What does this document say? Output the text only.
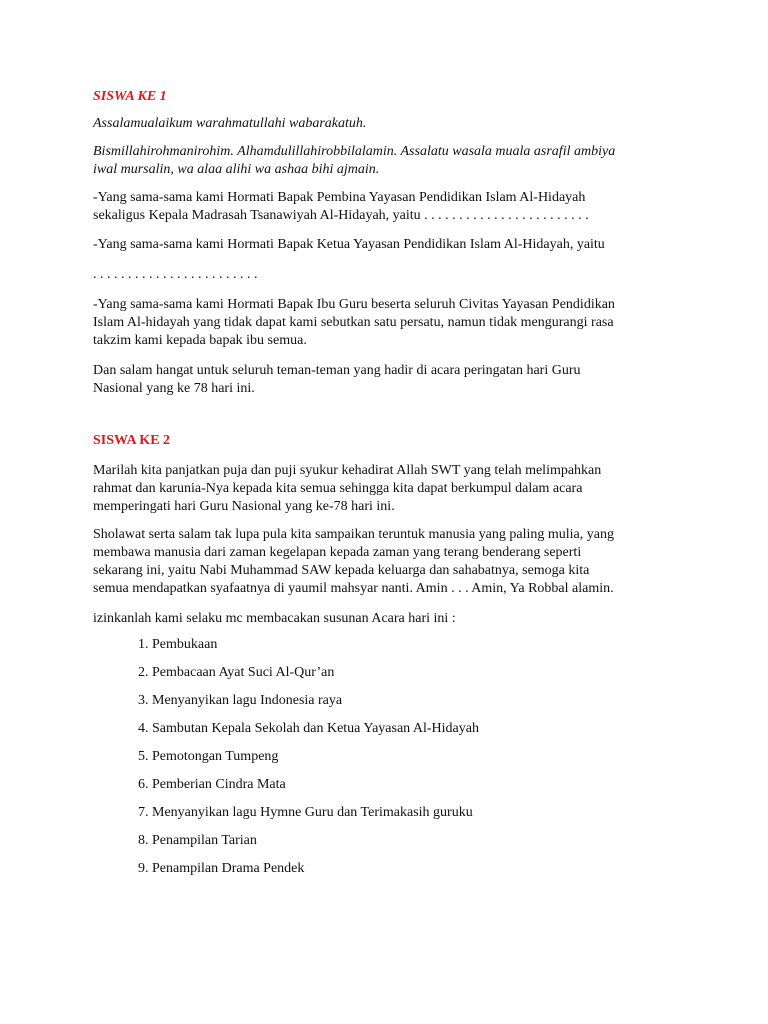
SISWA KE 1

Assalamualaikum warahmatullahi wabarakatuh.

Bismillahirohmanirohim. Alhamdulillahirobbilalamin. Assalatu wasala muala asrafil ambiya
iwal mursalin, wa alaa alihi wa ashaa bihi ajmain.

-Yang sama-sama kami Hormati Bapak Pembina Yayasan Pendidikan Islam Al-Hidayah
sekaligus Kepala Madrasah Tsanawiyah Al-Hidayah, yaitu . . . . . . . . . . . . . . . . . . . . . . . .

-Yang sama-sama kami Hormati Bapak Ketua Yayasan Pendidikan Islam Al-Hidayah, yaitu

. . . . . . . . . . . . . . . . . . . . . . . .

-Yang sama-sama kami Hormati Bapak Ibu Guru beserta seluruh Civitas Yayasan Pendidikan
Islam Al-hidayah yang tidak dapat kami sebutkan satu persatu, namun tidak mengurangi rasa
takzim kami kepada bapak ibu semua.

Dan salam hangat untuk seluruh teman-teman yang hadir di acara peringatan hari Guru
Nasional yang ke 78 hari ini.

SISWA KE 2

Marilah kita panjatkan puja dan puji syukur kehadirat Allah SWT yang telah melimpahkan
rahmat dan karunia-Nya kepada kita semua sehingga kita dapat berkumpul dalam acara
memperingati hari Guru Nasional yang ke-78 hari ini.

Sholawat serta salam tak lupa pula kita sampaikan teruntuk manusia yang paling mulia, yang
membawa manusia dari zaman kegelapan kepada zaman yang terang benderang seperti
sekarang ini, yaitu Nabi Muhammad SAW kepada keluarga dan sahabatnya, semoga kita
semua mendapatkan syafaatnya di yaumil mahsyar nanti. Amin . . . Amin, Ya Robbal alamin.

izinkanlah kami selaku mc membacakan susunan Acara hari ini :

1. Pembukaan
2. Pembacaan Ayat Suci Al-Qur’an
3. Menyanyikan lagu Indonesia raya
4. Sambutan Kepala Sekolah dan Ketua Yayasan Al-Hidayah
5. Pemotongan Tumpeng
6. Pemberian Cindra Mata
7. Menyanyikan lagu Hymne Guru dan Terimakasih guruku
8. Penampilan Tarian
9. Penampilan Drama Pendek
